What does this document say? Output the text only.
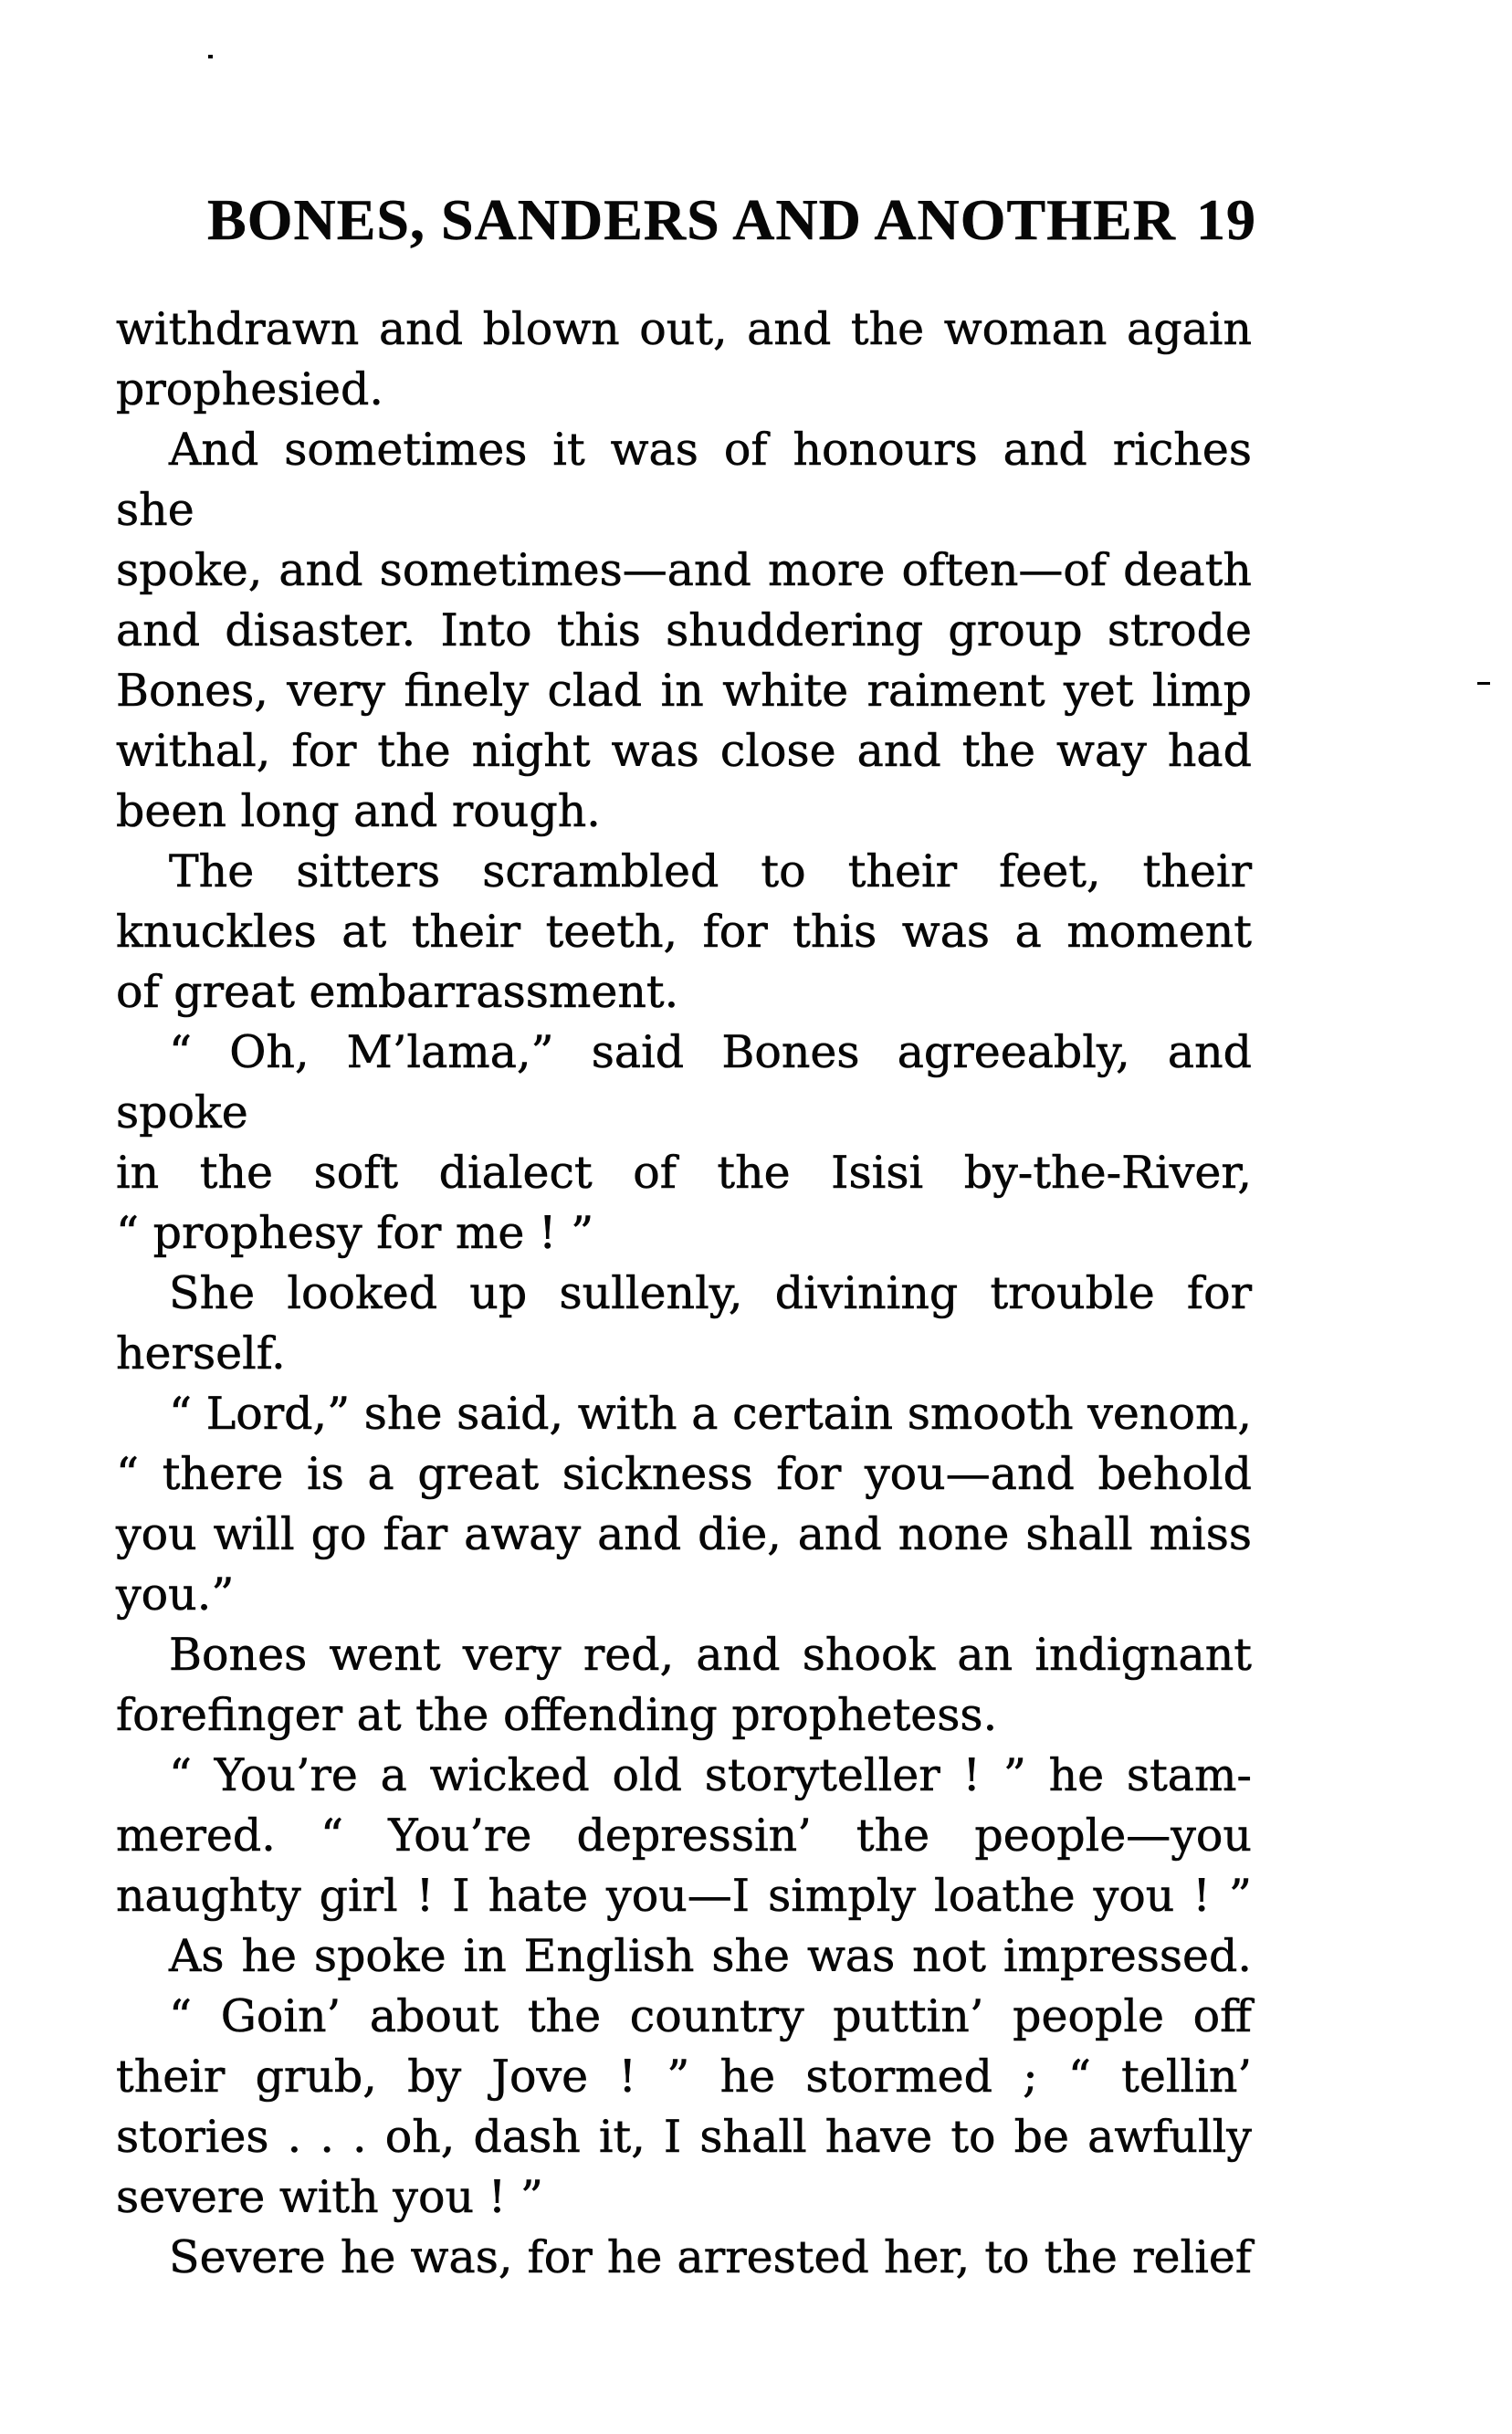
BONES, SANDERS AND ANOTHER 19
withdrawn and blown out, and the woman again
prophesied.
And sometimes it was of honours and riches she
spoke, and sometimes—and more often—of death
and disaster. Into this shuddering group strode
Bones, very finely clad in white raiment yet limp
withal, for the night was close and the way had
been long and rough.
The sitters scrambled to their feet, their
knuckles at their teeth, for this was a moment
of great embarrassment.
“ Oh, M’lama,” said Bones agreeably, and spoke
in the soft dialect of the Isisi by-the-River,
“ prophesy for me ! ”
She looked up sullenly, divining trouble for
herself.
“ Lord,” she said, with a certain smooth venom,
“ there is a great sickness for you—and behold
you will go far away and die, and none shall miss
you.”
Bones went very red, and shook an indignant
forefinger at the offending prophetess.
“ You’re a wicked old storyteller ! ” he stam-
mered. “ You’re depressin’ the people—you
naughty girl ! I hate you—I simply loathe you ! ”
As he spoke in English she was not impressed.
“ Goin’ about the country puttin’ people off
their grub, by Jove ! ” he stormed ; “ tellin’
stories . . . oh, dash it, I shall have to be awfully
severe with you ! ”
Severe he was, for he arrested her, to the relief
